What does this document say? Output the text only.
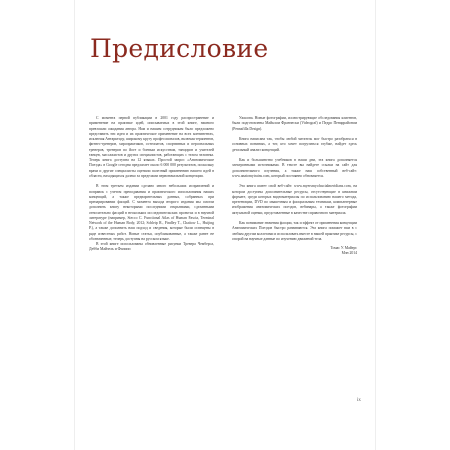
Предисловие

С момента первой публикации в 2001 году распространение и применение на практике идей, описываемых в этой книге, намного превзошли ожидания автора. Нам и нашим сотрудникам было предложено представить эти идеи и их практическое применение на всех континентах, исключая Антарктиду, широкому кругу профессионалов, включая терапевтов, фитнес-тренеров, хиропрактиков, остеопатов, спортивных и персональных тренеров, тренеров по йоге и боевым искусствам, танцоров и учителей танцев, массажистов и других специалистов, работающих с телом человека. Теперь книга доступна на 12 языках. Простой запрос «Анатомические Поезда» в Google сегодня предлагает около 6 000 000 результатов, поскольку врачи и другие специалисты оценили полезный применению нашего идей в области, находящихся далеко за пределами первоначальной концепции.

В этом третьем издании сделано много небольших исправлений и поправок с учетом преподавания и практического использования наших концепций, а также предварительных данных, собранных при препарировании фасций. С момента выхода второго издания мы смогли дополнить книгу некоторыми последними открытиями, сделанными относительно фасций в нескольких исследовательских проектах и в научной литературе (например, Stecco С. Functional Atlas of Human Fascia, Terminal Network of the Human Body, 2012; Schleip R., Findley T., Chaitow L., Huijing P.), а также дополнить наш подход и сведения, которые были освещены в ряде известных работ. Новые статьи, опубликованные, а также ранее не обозначенные, теперь доступны на русском языке.

В этой книге использованы обновленные рисунки Тревера Чемберса, Дебби Майзель и Филипп

Ужасова. Новые фотографии, иллюстрирующие обследования клиентов, были подготовлены Майклом Франчески (Videograf) и Педро Пенаррайоном (Pennafilla Design).

Книга написана так, чтобы любой читатель мог быстро разобраться в основных понятиях, а тот, кто хочет погрузиться глубже, найдет здесь детальный анализ концепций.

Как и большинство учебников в наши дни, эта книга дополняется электронными источниками. В тексте вы найдете ссылки на сайт для дополнительного изучения, а также наш собственный веб-сайт: www.anatomytrains.com, который постоянно обновляется.

Эта книга имеет свой веб-сайт: www.myersmyofascialmeridians.com, на котором доступны дополнительные ресурсы, отсутствующие в книжном формате, среди которых видеоматериалы по использованию нашего метода, презентации, DVD по мышечным и фасциальным техникам, компьютерные изображения анатомических поездов, вебинары, а также фотографии актуальной оценки, представленные в качестве справочного материала.

Как понимание значения фасции, так и эффект от применения концепции Анатомических Поездов быстро развиваются. Эта книга поможет вам в с любым другим коллегами и использовать вместе в нашей практике ресурсы, с опорой на научные данные по изучению движений тела.

Томас У. Майерс
Мэн 2014
ix
